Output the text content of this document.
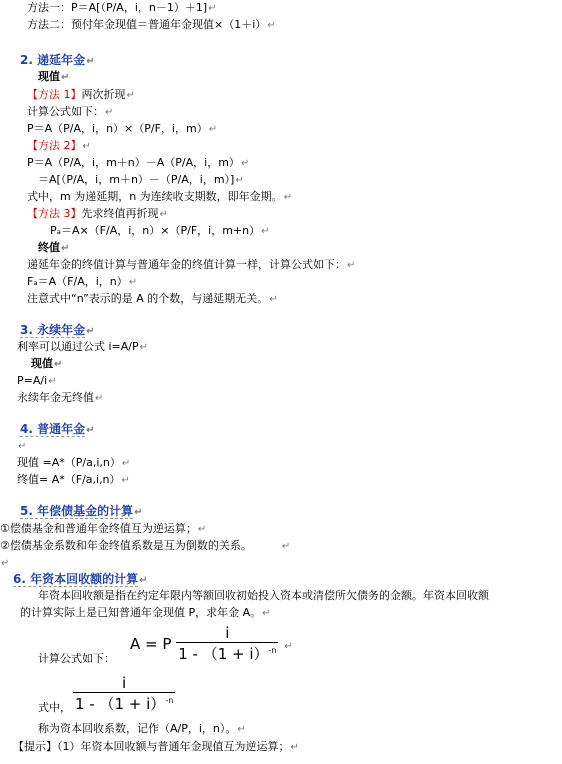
方法一：P＝A[（P/A，i，n－1）＋1]↵
方法二：预付年金现值＝普通年金现值×（1＋i）↵
2. 递延年金↵
现值↵
【方法 1】两次折现↵
计算公式如下：↵
P＝A（P/A，i，n）×（P/F，i，m）↵
【方法 2】↵
P＝A（P/A，i，m＋n）－A（P/A，i，m）↵
＝A[（P/A，i，m＋n）－（P/A，i，m）]↵
式中，m 为递延期，n 为连续收支期数，即年金期。↵
【方法 3】先求终值再折现↵
Pₐ＝A×（F/A，i，n）×（P/F，i，m+n）↵
终值↵
递延年金的终值计算与普通年金的终值计算一样，计算公式如下：↵
Fₐ＝A（F/A，i，n）↵
注意式中“n”表示的是 A 的个数，与递延期无关。↵
3. 永续年金↵
利率可以通过公式 i=A/P↵
现值↵
P=A/i↵
永续年金无终值↵
4. 普通年金↵
↵
现值 =A*（P/a,i,n）↵
终值= A*（F/a,i,n）↵
5. 年偿债基金的计算↵
①偿债基金和普通年金终值互为逆运算；↵
②偿债基金系数和年金终值系数是互为倒数的关系。	↵
↵
6. 年资本回收额的计算↵
年资本回收额是指在约定年限内等额回收初始投入资本或清偿所欠债务的金额。年资本回收额
的计算实际上是已知普通年金现值 P，求年金 A。↵
计算公式如下：
A = P $\frac{i}{1 - (1 + i)^{-n}}$ ↵
式中， $\frac{i}{1 - (1 + i)^{-n}}$
称为资本回收系数，记作（A/P，i，n）。↵
【提示】（1）年资本回收额与普通年金现值互为逆运算；↵
